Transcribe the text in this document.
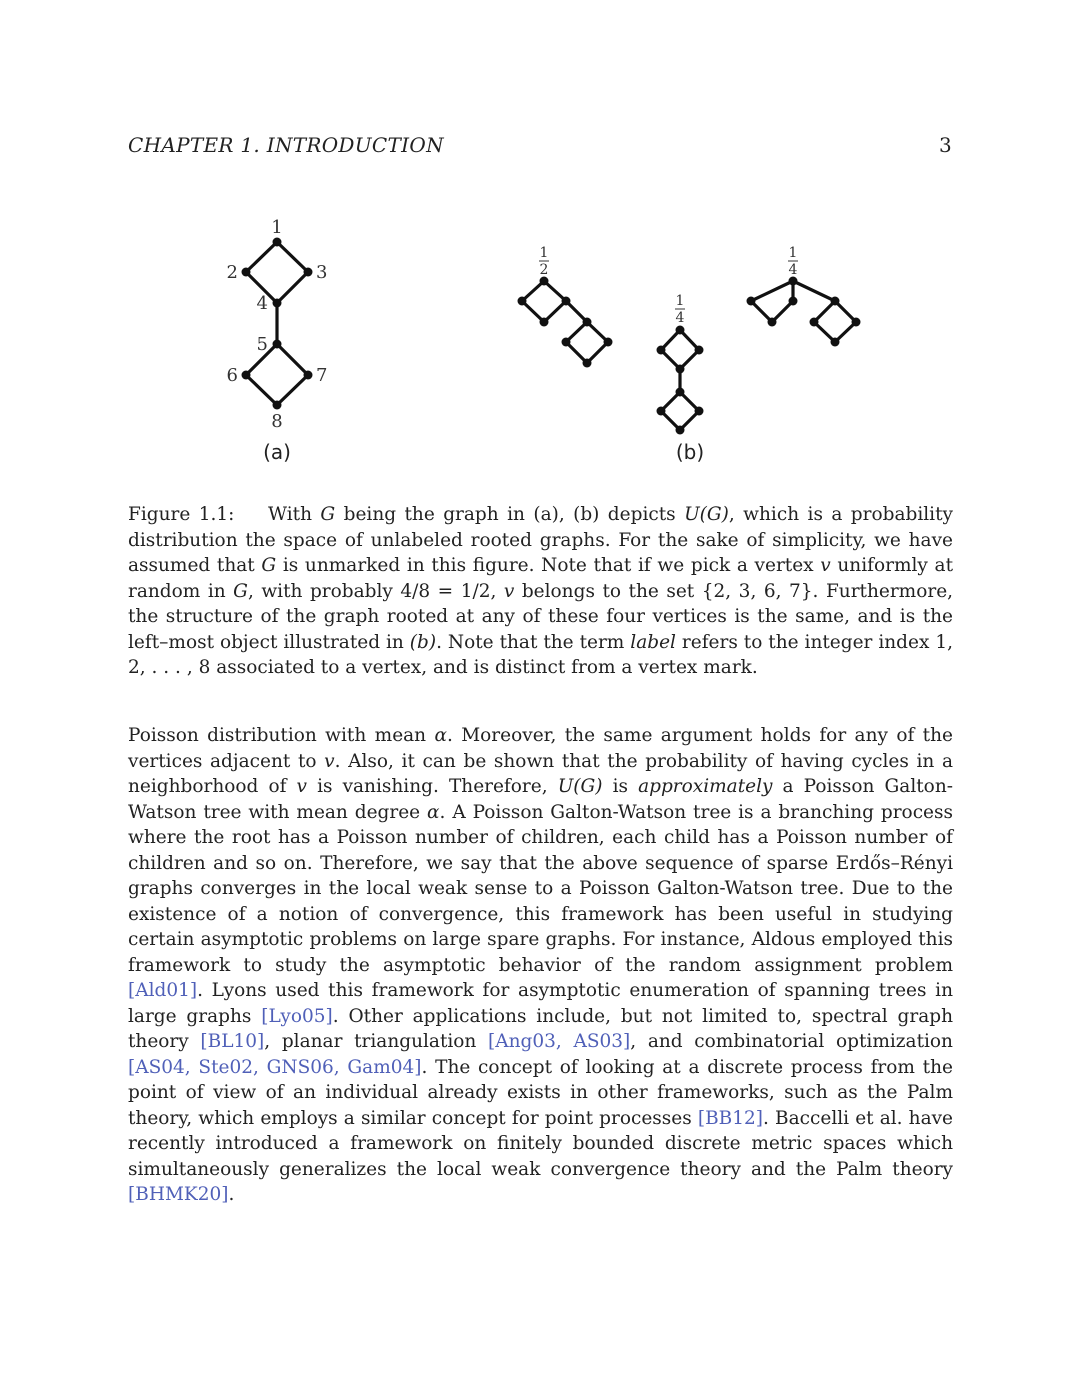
CHAPTER 1. INTRODUCTION	3
1
2	3
4
5
6	7
8
(a)
1
2
1
4
(b)
1
4
Figure 1.1: With G being the graph in (a), (b) depicts U(G), which is a probability distribution the space of unlabeled rooted graphs. For the sake of simplicity, we have assumed that G is unmarked in this figure. Note that if we pick a vertex v uniformly at random in G, with probably 4/8 = 1/2, v belongs to the set {2, 3, 6, 7}. Furthermore, the structure of the graph rooted at any of these four vertices is the same, and is the left–most object illustrated in (b). Note that the term label refers to the integer index 1, 2, . . . , 8 associated to a vertex, and is distinct from a vertex mark.
Poisson distribution with mean α. Moreover, the same argument holds for any of the vertices adjacent to v. Also, it can be shown that the probability of having cycles in a neighborhood of v is vanishing. Therefore, U(G) is approximately a Poisson Galton-Watson tree with mean degree α. A Poisson Galton-Watson tree is a branching process where the root has a Poisson number of children, each child has a Poisson number of children and so on. Therefore, we say that the above sequence of sparse Erdős–Rényi graphs converges in the local weak sense to a Poisson Galton-Watson tree. Due to the existence of a notion of convergence, this framework has been useful in studying certain asymptotic problems on large spare graphs. For instance, Aldous employed this framework to study the asymptotic behavior of the random assignment problem [Ald01]. Lyons used this framework for asymptotic enumeration of spanning trees in large graphs [Lyo05]. Other applications include, but not limited to, spectral graph theory [BL10], planar triangulation [Ang03, AS03], and combinatorial optimization [AS04, Ste02, GNS06, Gam04]. The concept of looking at a discrete process from the point of view of an individual already exists in other frameworks, such as the Palm theory, which employs a similar concept for point processes [BB12]. Baccelli et al. have recently introduced a framework on finitely bounded discrete metric spaces which simultaneously generalizes the local weak convergence theory and the Palm theory [BHMK20].
